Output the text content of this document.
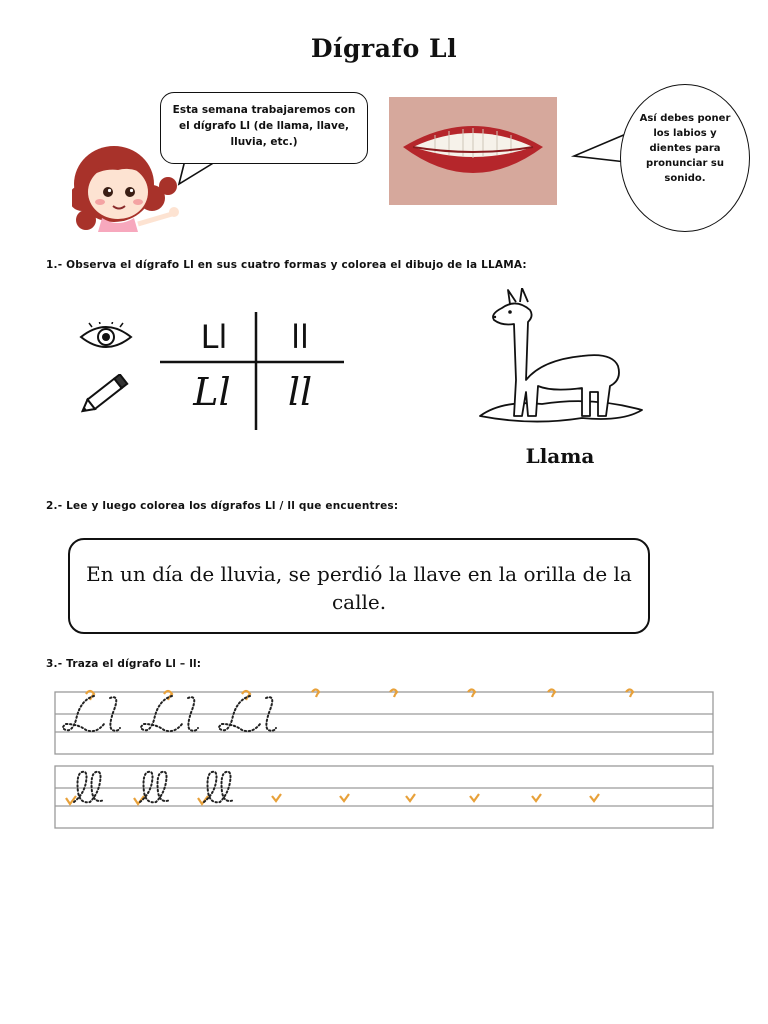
Dígrafo Ll
Esta semana trabajaremos con el dígrafo Ll (de llama, llave, lluvia, etc.)
Así debes poner los labios y dientes para pronunciar su sonido.
1.- Observa el dígrafo Ll en sus cuatro formas y colorea el dibujo de la LLAMA:
Ll	ll
Ll	ll
Llama
2.- Lee y luego colorea los dígrafos Ll / ll que encuentres:
En un día de lluvia, se perdió la llave en la orilla de la calle.
3.- Traza el dígrafo Ll – ll:
